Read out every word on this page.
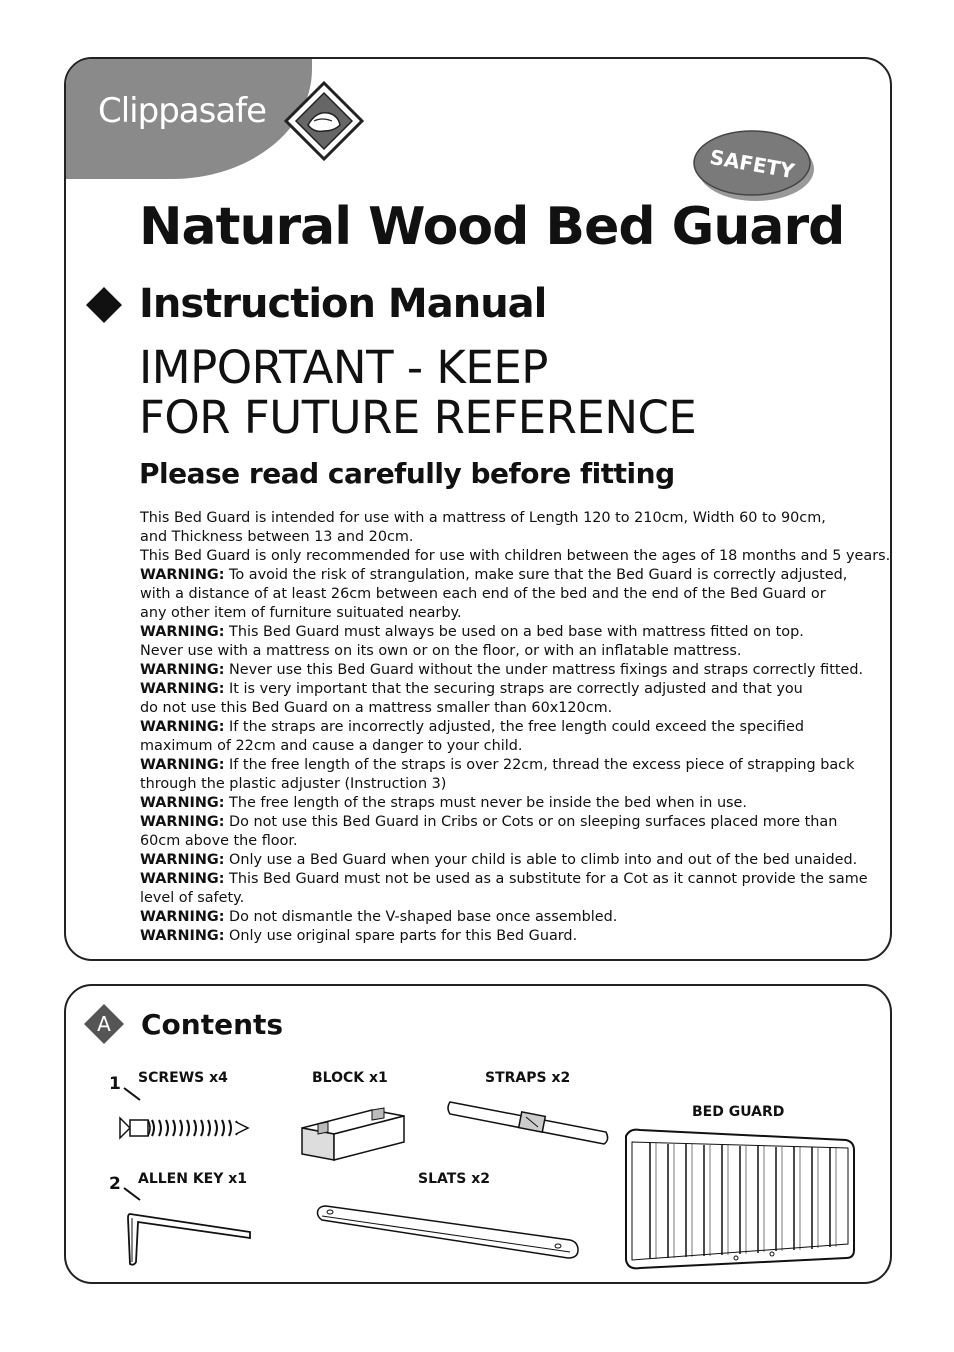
Clippasafe
SAFETY
Natural Wood Bed Guard
Instruction Manual
IMPORTANT - KEEP
FOR FUTURE REFERENCE
Please read carefully before fitting

This Bed Guard is intended for use with a mattress of Length 120 to 210cm, Width 60 to 90cm,

and Thickness between 13 and 20cm.

This Bed Guard is only recommended for use with children between the ages of 18 months and 5 years.

WARNING: To avoid the risk of strangulation, make sure that the Bed Guard is correctly adjusted,

with a distance of at least 26cm between each end of the bed and the end of the Bed Guard or

any other item of furniture suituated nearby.

WARNING: This Bed Guard must always be used on a bed base with mattress fitted on top.

Never use with a mattress on its own or on the floor, or with an inflatable mattress.

WARNING: Never use this Bed Guard without the under mattress fixings and straps correctly fitted.

WARNING: It is very important that the securing straps are correctly adjusted and that you

do not use this Bed Guard on a mattress smaller than 60x120cm.

WARNING: If the straps are incorrectly adjusted, the free length could exceed the specified

maximum of 22cm and cause a danger to your child.

WARNING: If the free length of the straps is over 22cm, thread the excess piece of strapping back

through the plastic adjuster (Instruction 3)

WARNING: The free length of the straps must never be inside the bed when in use.

WARNING: Do not use this Bed Guard in Cribs or Cots or on sleeping surfaces placed more than

60cm above the floor.

WARNING: Only use a Bed Guard when your child is able to climb into and out of the bed unaided.

WARNING: This Bed Guard must not be used as a substitute for a Cot as it cannot provide the same

level of safety.

WARNING: Do not dismantle the V-shaped base once assembled.

WARNING: Only use original spare parts for this Bed Guard.

A Contents
1
2
SCREWS x4	BLOCK x1	STRAPS x2
BED GUARD
ALLEN KEY x1	SLATS x2
